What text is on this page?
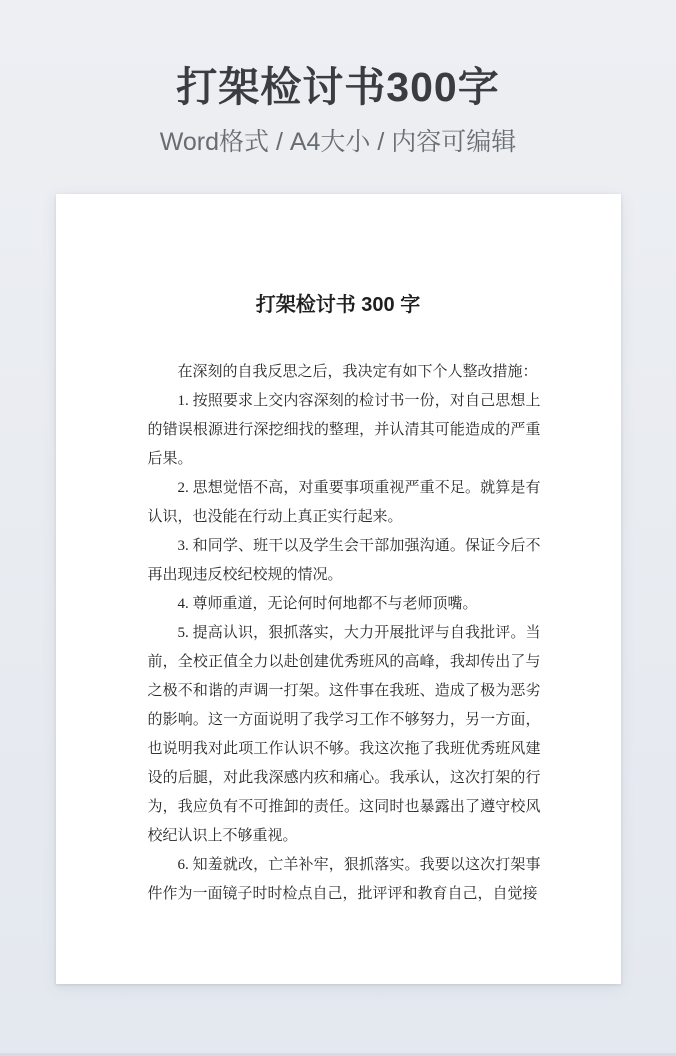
打架检讨书300字
Word格式 / A4大小 / 内容可编辑
打架检讨书 300 字

在深刻的自我反思之后，我决定有如下个人整改措施：

1. 按照要求上交内容深刻的检讨书一份，对自己思想上的错误根源进行深挖细找的整理，并认清其可能造成的严重后果。

2. 思想觉悟不高，对重要事项重视严重不足。就算是有认识，也没能在行动上真正实行起来。

3. 和同学、班干以及学生会干部加强沟通。保证今后不再出现违反校纪校规的情况。

4. 尊师重道，无论何时何地都不与老师顶嘴。

5. 提高认识，狠抓落实，大力开展批评与自我批评。当前，全校正值全力以赴创建优秀班风的高峰，我却传出了与之极不和谐的声调一打架。这件事在我班、造成了极为恶劣的影响。这一方面说明了我学习工作不够努力，另一方面，也说明我对此项工作认识不够。我这次拖了我班优秀班风建设的后腿，对此我深感内疚和痛心。我承认，这次打架的行为，我应负有不可推卸的责任。这同时也暴露出了遵守校风校纪认识上不够重视。

6. 知羞就改，亡羊补牢，狠抓落实。我要以这次打架事件作为一面镜子时时检点自己，批评评和教育自己，自觉接
